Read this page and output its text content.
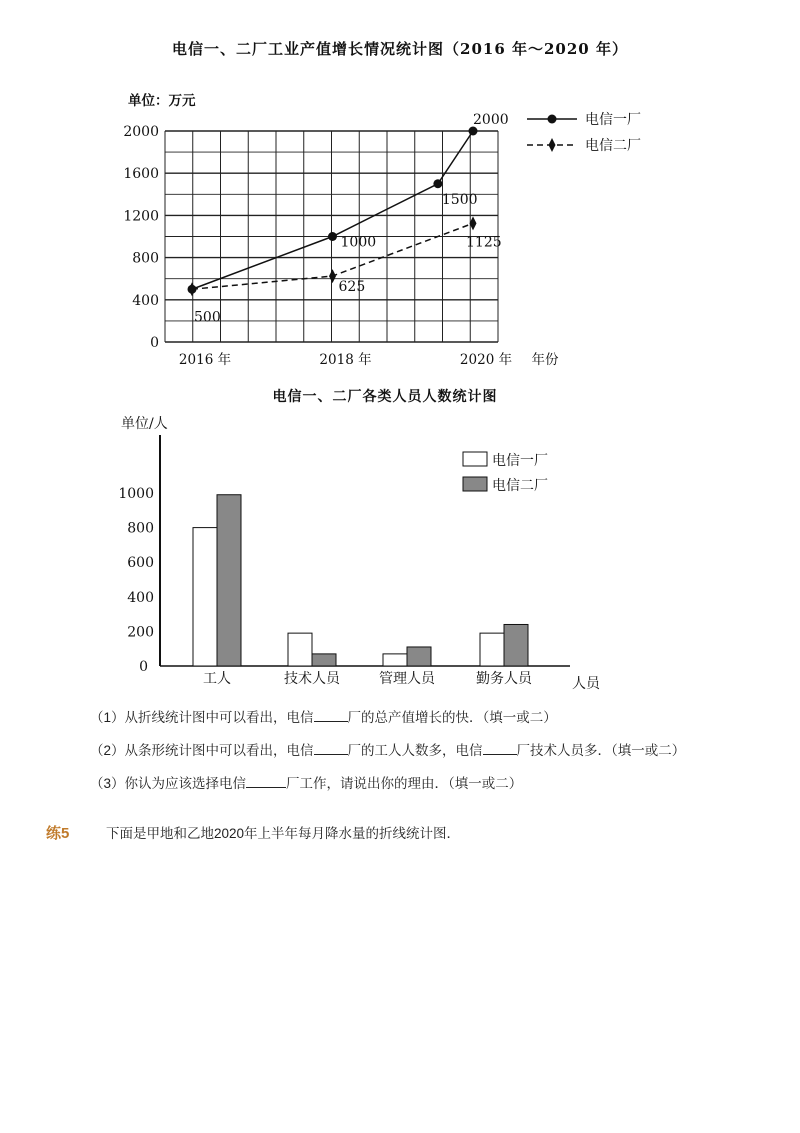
电信一、二厂工业产值增长情况统计图（2016 年～2020 年）
0
400
800
1200
1600
2000
2016 年	2018 年	2020 年 年份
单位：万元
500
1000
1500
2000
625
1125
电信一厂
电信二厂
电信一、二厂各类人员人数统计图
单位/人
人员
0
200
400
600
800
1000
工人	技术人员	管理人员	勤务人员
电信一厂
电信二厂
（1）从折线统计图中可以看出，电信	厂的总产值增长的快．（填一或二）
（2）从条形统计图中可以看出，电信	厂的工人人数多，电信	厂技术人员多．（填一或二）
（3）你认为应该选择电信	厂工作，请说出你的理由．（填一或二）
练5	下面是甲地和乙地2020年上半年每月降水量的折线统计图．
